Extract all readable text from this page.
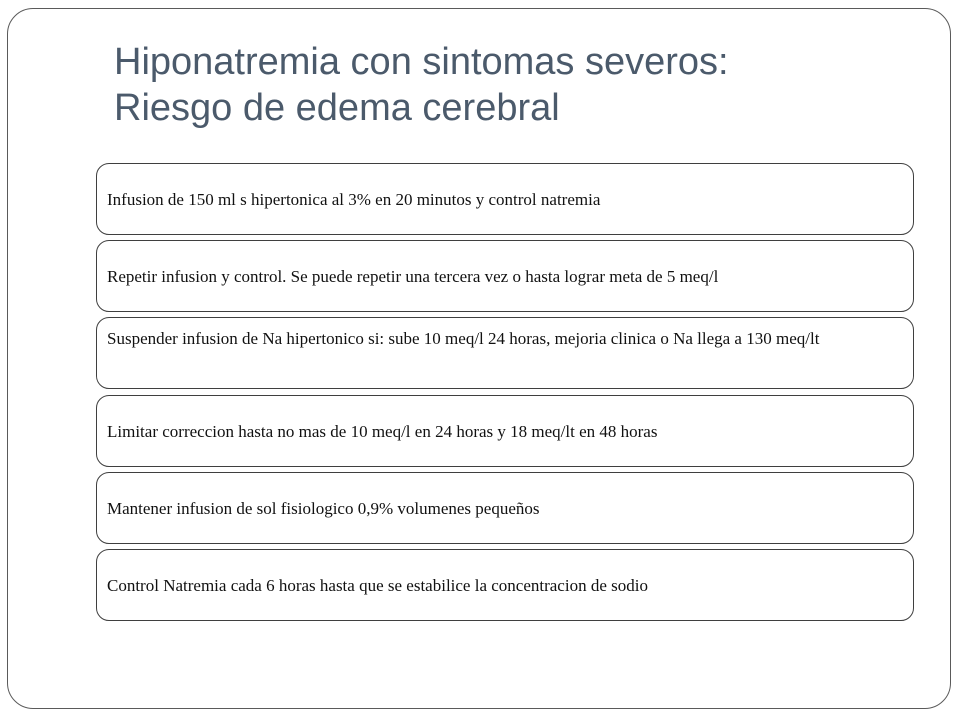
Hiponatremia con sintomas severos:
Riesgo de edema cerebral
Infusion de 150 ml s hipertonica al 3% en 20 minutos y control natremia
Repetir infusion y control. Se puede repetir una tercera vez o hasta lograr meta de 5 meq/l
Suspender infusion de Na hipertonico si: sube 10 meq/l 24 horas, mejoria clinica o Na llega a 130 meq/lt
Limitar correccion hasta no mas de 10 meq/l en 24 horas y 18 meq/lt en 48 horas
Mantener infusion de sol fisiologico 0,9% volumenes pequeños
Control Natremia cada 6 horas hasta que se estabilice la concentracion de sodio
